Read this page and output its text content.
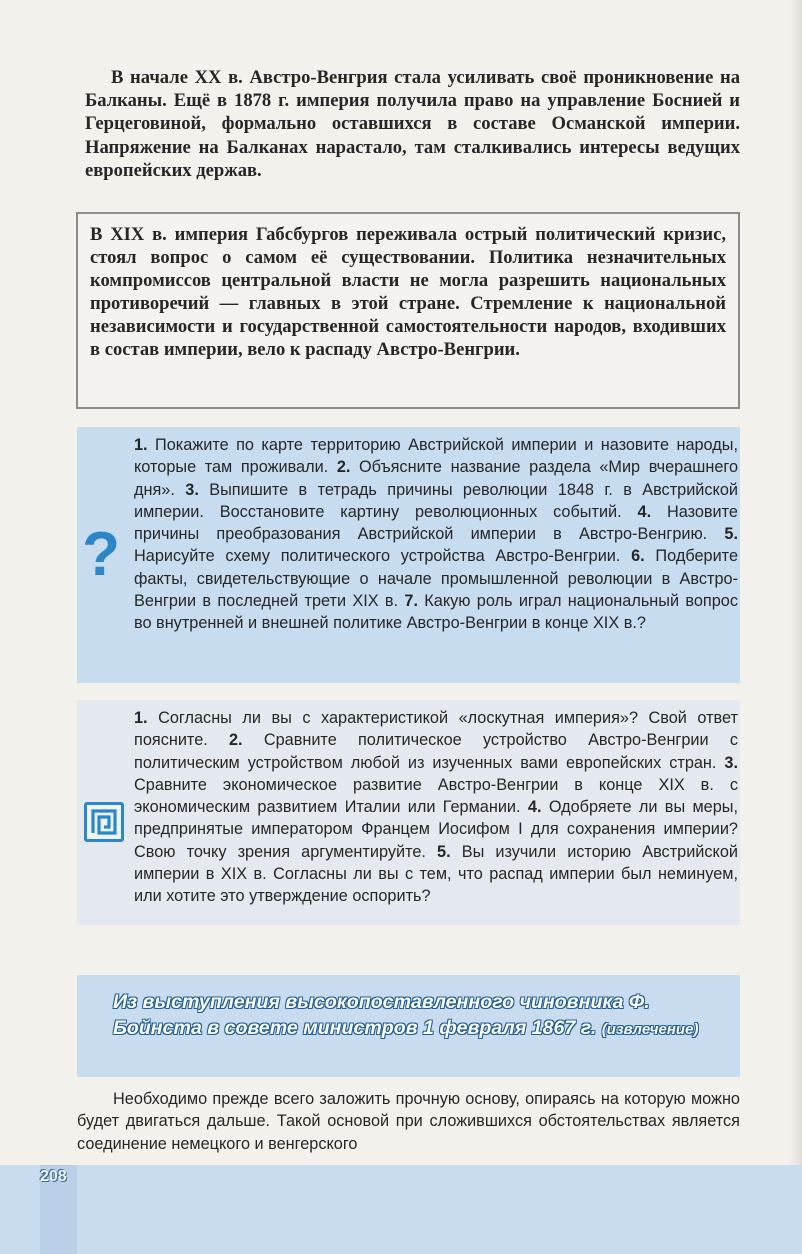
В начале XX в. Австро-Венгрия стала усиливать своё проникновение на Балканы. Ещё в 1878 г. империя получила право на управление Боснией и Герцеговиной, формально оставшихся в составе Османской империи. Напряжение на Балканах нарастало, там сталкивались интересы ведущих европейских держав.

В XIX в. империя Габсбургов переживала острый политический кризис, стоял вопрос о самом её существовании. Политика незначительных компромиссов центральной власти не могла разрешить национальных противоречий — главных в этой стране. Стремление к национальной независимости и государственной самостоятельности народов, входивших в состав империи, вело к распаду Австро-Венгрии.

?

1. Покажите по карте территорию Австрийской империи и назовите народы, которые там проживали. 2. Объясните название раздела «Мир вчерашнего дня». 3. Выпишите в тетрадь причины революции 1848 г. в Австрийской империи. Восстановите картину революционных событий. 4. Назовите причины преобразования Австрийской империи в Австро-Венгрию. 5. Нарисуйте схему политического устройства Австро-Венгрии. 6. Подберите факты, свидетельствующие о начале промышленной революции в Австро-Венгрии в последней трети XIX в. 7. Какую роль играл национальный вопрос во внутренней и внешней политике Австро-Венгрии в конце XIX в.?

1. Согласны ли вы с характеристикой «лоскутная империя»? Свой ответ поясните. 2. Сравните политическое устройство Австро-Венгрии с политическим устройством любой из изученных вами европейских стран. 3. Сравните экономическое развитие Австро-Венгрии в конце XIX в. с экономическим развитием Италии или Германии. 4. Одобряете ли вы меры, предпринятые императором Францем Иосифом I для сохранения империи? Свою точку зрения аргументируйте. 5. Вы изучили историю Австрийской империи в XIX в. Согласны ли вы с тем, что распад империи был неминуем, или хотите это утверждение оспорить?

Из выступления высокопоставленного чиновника Ф. Бойнста в совете министров 1 февраля 1867 г. (извлечение)

Необходимо прежде всего заложить прочную основу, опираясь на которую можно будет двигаться дальше. Такой основой при сложившихся обстоятельствах является соединение немецкого и венгерского

208
